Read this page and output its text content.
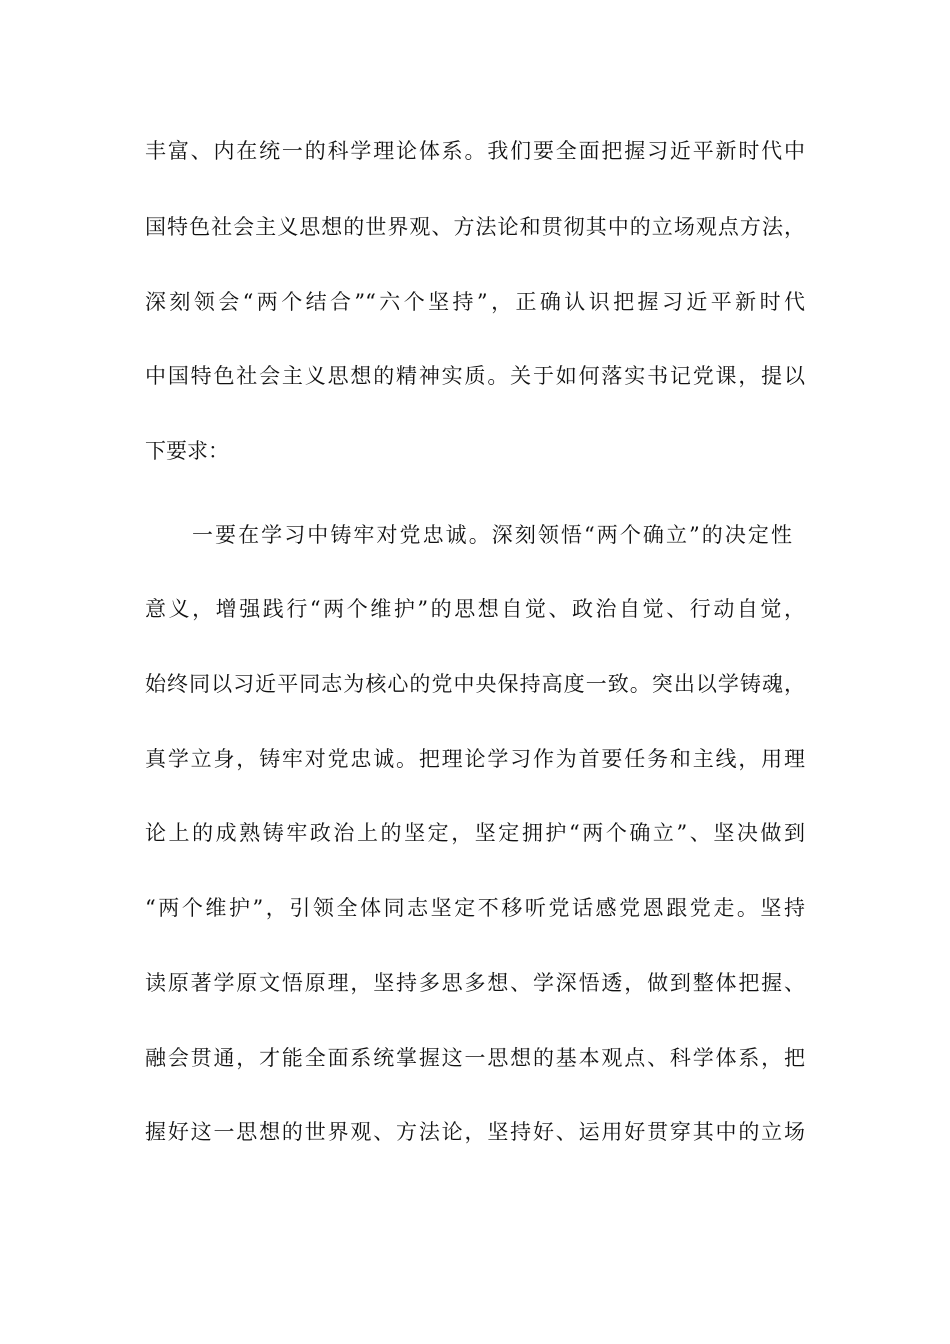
丰富、内在统一的科学理论体系。我们要全面把握习近平新时代中
国特色社会主义思想的世界观、方法论和贯彻其中的立场观点方法，
深刻领会“两个结合”“六个坚持”，正确认识把握习近平新时代
中国特色社会主义思想的精神实质。关于如何落实书记党课，提以
下要求：
一要在学习中铸牢对党忠诚。深刻领悟“两个确立”的决定性
意义，增强践行“两个维护”的思想自觉、政治自觉、行动自觉，
始终同以习近平同志为核心的党中央保持高度一致。突出以学铸魂，
真学立身，铸牢对党忠诚。把理论学习作为首要任务和主线，用理
论上的成熟铸牢政治上的坚定，坚定拥护“两个确立”、坚决做到
“两个维护”，引领全体同志坚定不移听党话感党恩跟党走。坚持
读原著学原文悟原理，坚持多思多想、学深悟透，做到整体把握、
融会贯通，才能全面系统掌握这一思想的基本观点、科学体系，把
握好这一思想的世界观、方法论，坚持好、运用好贯穿其中的立场
